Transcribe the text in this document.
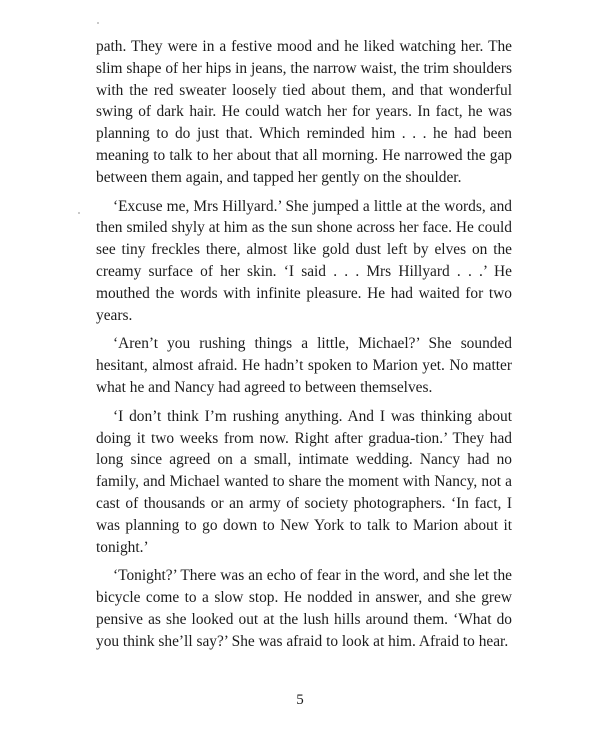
path. They were in a festive mood and he liked watching her. The slim shape of her hips in jeans, the narrow waist, the trim shoulders with the red sweater loosely tied about them, and that wonderful swing of dark hair. He could watch her for years. In fact, he was planning to do just that. Which reminded him . . . he had been meaning to talk to her about that all morning. He narrowed the gap between them again, and tapped her gently on the shoulder.

‘Excuse me, Mrs Hillyard.’ She jumped a little at the words, and then smiled shyly at him as the sun shone across her face. He could see tiny freckles there, almost like gold dust left by elves on the creamy surface of her skin. ‘I said . . . Mrs Hillyard . . .’ He mouthed the words with infinite pleasure. He had waited for two years.

‘Aren’t you rushing things a little, Michael?’ She sounded hesitant, almost afraid. He hadn’t spoken to Marion yet. No matter what he and Nancy had agreed to between themselves.

‘I don’t think I’m rushing anything. And I was thinking about doing it two weeks from now. Right after gradua-tion.’ They had long since agreed on a small, intimate wedding. Nancy had no family, and Michael wanted to share the moment with Nancy, not a cast of thousands or an army of society photographers. ‘In fact, I was planning to go down to New York to talk to Marion about it tonight.’

‘Tonight?’ There was an echo of fear in the word, and she let the bicycle come to a slow stop. He nodded in answer, and she grew pensive as she looked out at the lush hills around them. ‘What do you think she’ll say?’ She was afraid to look at him. Afraid to hear.

5
